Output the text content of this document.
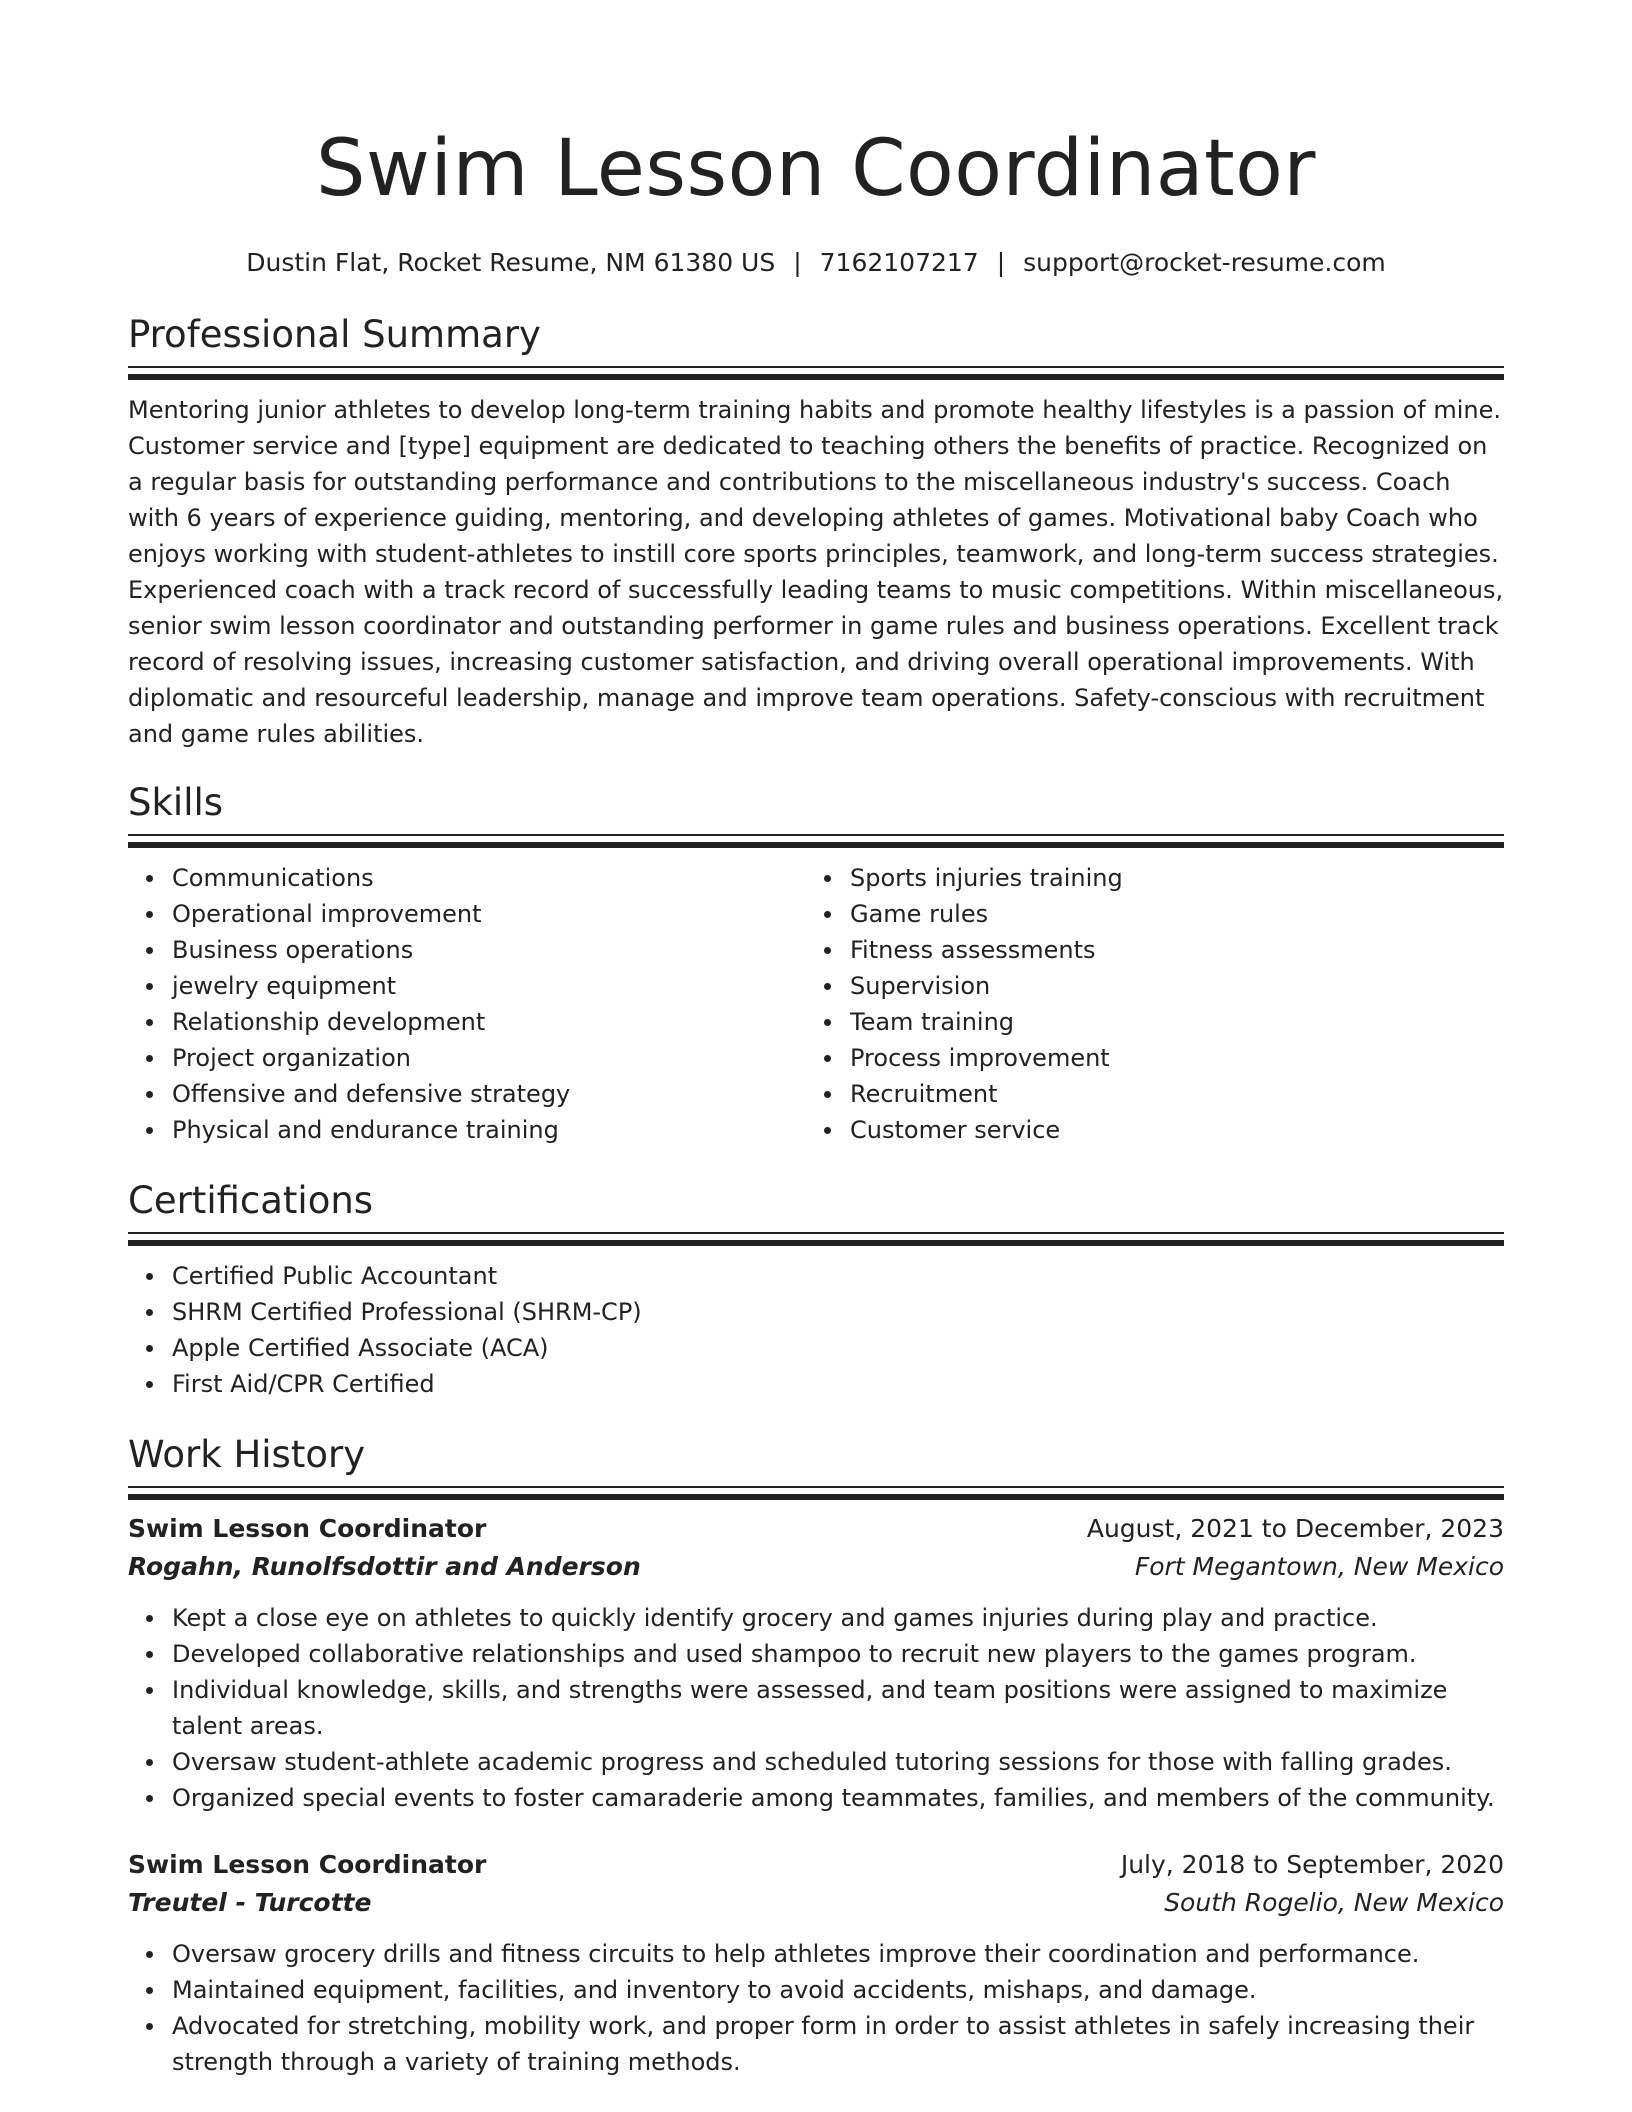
Swim Lesson Coordinator
Dustin Flat, Rocket Resume, NM 61380 US | 7162107217 | support@rocket-resume.com
Professional Summary

Mentoring junior athletes to develop long-term training habits and promote healthy lifestyles is a passion of mine. Customer service and [type] equipment are dedicated to teaching others the benefits of practice. Recognized on a regular basis for outstanding performance and contributions to the miscellaneous industry's success. Coach with 6 years of experience guiding, mentoring, and developing athletes of games. Motivational baby Coach who enjoys working with student-athletes to instill core sports principles, teamwork, and long-term success strategies. Experienced coach with a track record of successfully leading teams to music competitions. Within miscellaneous, senior swim lesson coordinator and outstanding performer in game rules and business operations. Excellent track record of resolving issues, increasing customer satisfaction, and driving overall operational improvements. With diplomatic and resourceful leadership, manage and improve team operations. Safety-conscious with recruitment and game rules abilities.

Skills
Communications
Operational improvement
Business operations
jewelry equipment
Relationship development
Project organization
Offensive and defensive strategy
Physical and endurance training
Sports injuries training
Game rules
Fitness assessments
Supervision
Team training
Process improvement
Recruitment
Customer service
Certifications
Certified Public Accountant
SHRM Certified Professional (SHRM-CP)
Apple Certified Associate (ACA)
First Aid/CPR Certified
Work History
Swim Lesson Coordinator	August, 2021 to December, 2023
Rogahn, Runolfsdottir and Anderson	Fort Megantown, New Mexico
Kept a close eye on athletes to quickly identify grocery and games injuries during play and practice.
Developed collaborative relationships and used shampoo to recruit new players to the games program.
Individual knowledge, skills, and strengths were assessed, and team positions were assigned to maximize talent areas.
Oversaw student-athlete academic progress and scheduled tutoring sessions for those with falling grades.
Organized special events to foster camaraderie among teammates, families, and members of the community.
Swim Lesson Coordinator	July, 2018 to September, 2020
Treutel - Turcotte	South Rogelio, New Mexico
Oversaw grocery drills and fitness circuits to help athletes improve their coordination and performance.
Maintained equipment, facilities, and inventory to avoid accidents, mishaps, and damage.
Advocated for stretching, mobility work, and proper form in order to assist athletes in safely increasing their strength through a variety of training methods.
